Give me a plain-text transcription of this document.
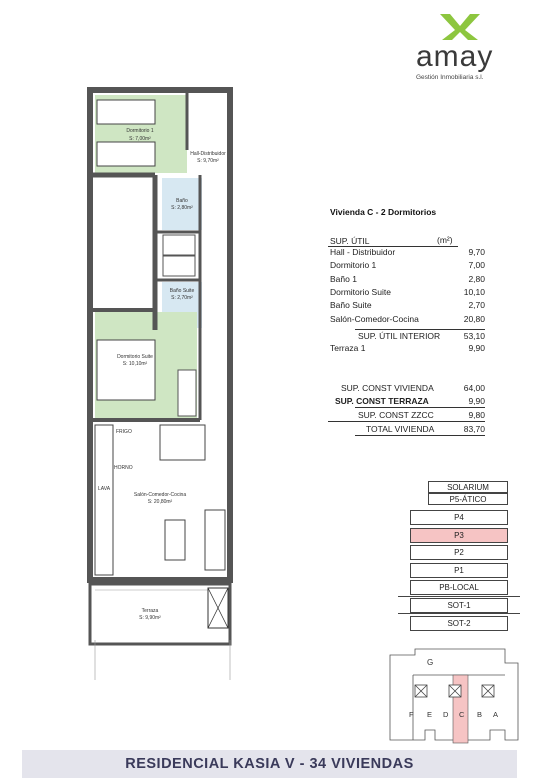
amay
Gestión Inmobiliaria s.l.
Dormitorio 1
S: 7,00m²
Hall-Distribuidor
S: 9,70m²
Baño
S: 2,80m²
Baño Suite
S: 2,70m²
Dormitorio Suite
S: 10,10m²
Salón-Comedor-Cocina
S: 20,80m²
Terraza
S: 9,90m²
FRIGO
HORNO
LAVA
Vivienda C - 2 Dormitorios
SUP. ÚTIL	(m²)
Hall - Distribuidor	9,70
Dormitorio 1	7,00
Baño 1	2,80
Dormitorio Suite	10,10
Baño Suite	2,70
Salón-Comedor-Cocina	20,80
SUP. ÚTIL INTERIOR	53,10
Terraza 1	9,90
SUP. CONST VIVIENDA	64,00
SUP. CONST TERRAZA	9,90
SUP. CONST ZZCC	9,80
TOTAL VIVIENDA	83,70
SOLARIUM
P5-ÁTICO
P4
P3
P2
P1
PB-LOCAL
SOT-1
SOT-2
G
F E D C B A
RESIDENCIAL KASIA V - 34 VIVIENDAS
